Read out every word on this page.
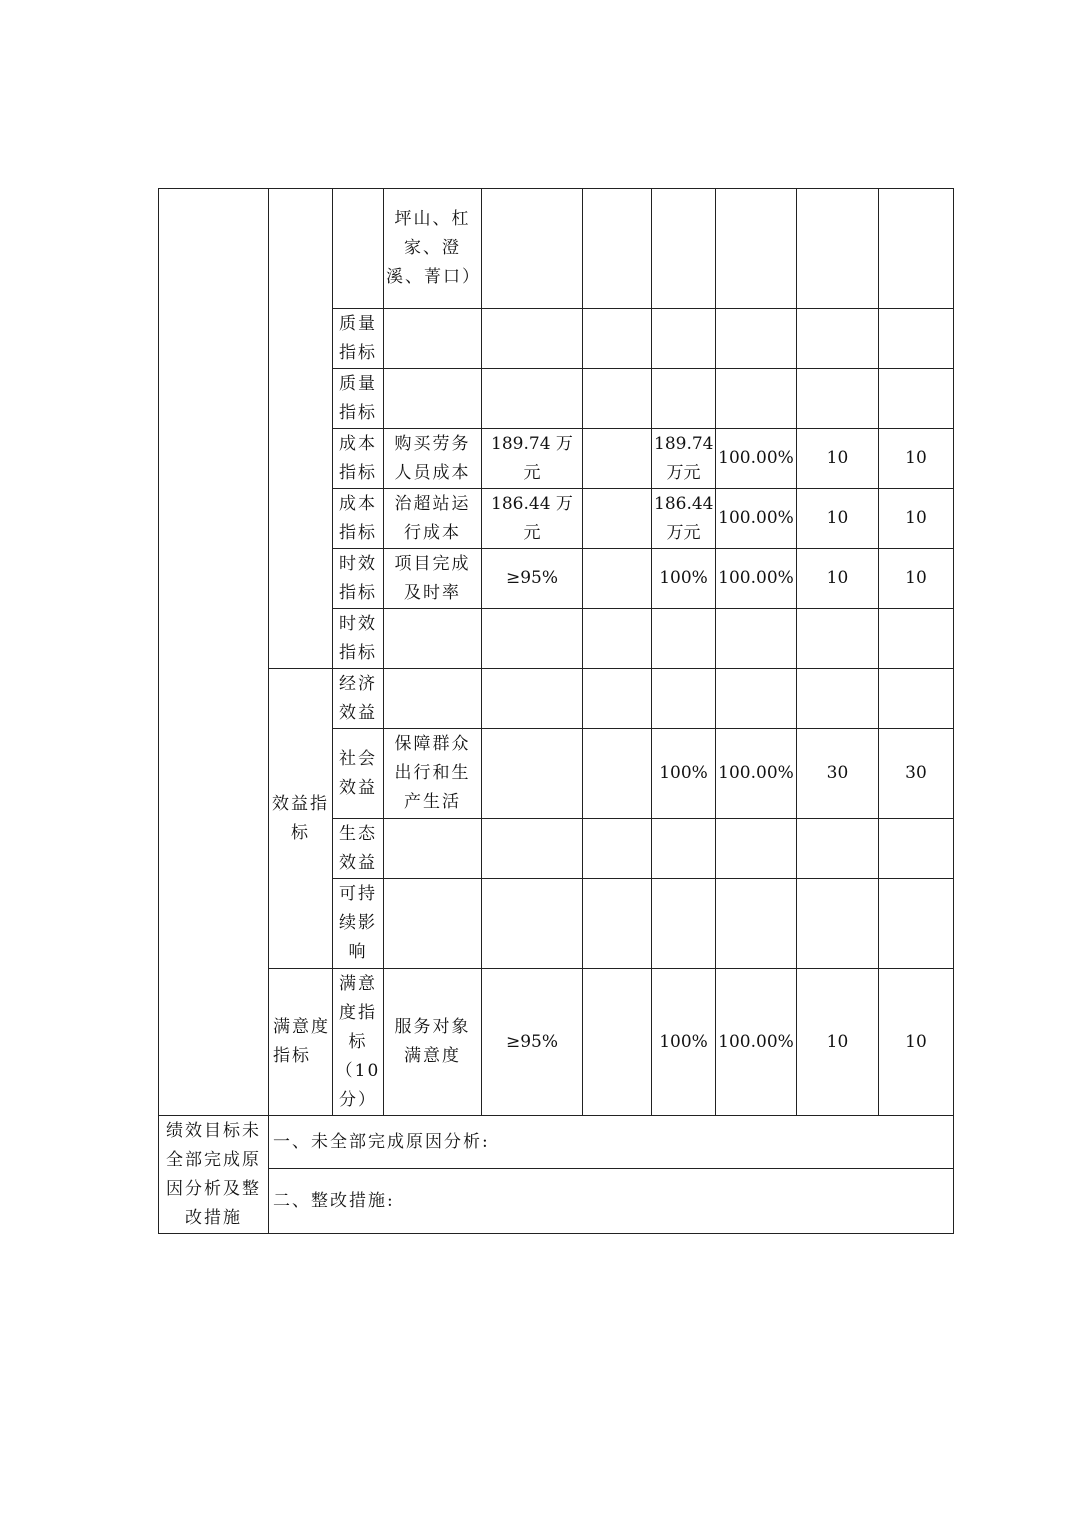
			坪山、杠家、澄溪、菁口）						
		质量指标							
		质量指标							
		成本指标	购买劳务人员成本	189.74 万元		189.74 万元	100.00%	10	10
		成本指标	治超站运行成本	186.44 万元		186.44 万元	100.00%	10	10
		时效指标	项目完成及时率	≥95%		100%	100.00%	10	10
		时效指标							
	效益指标	经济效益							
		社会效益	保障群众出行和生产生活			100%	100.00%	30	30
		生态效益							
		可持续影响							
	满意度指标	满意度指标（10分）	服务对象满意度	≥95%		100%	100.00%	10	10
绩效目标未全部完成原因分析及整改措施	一、未全部完成原因分析:								
	二、整改措施:								
